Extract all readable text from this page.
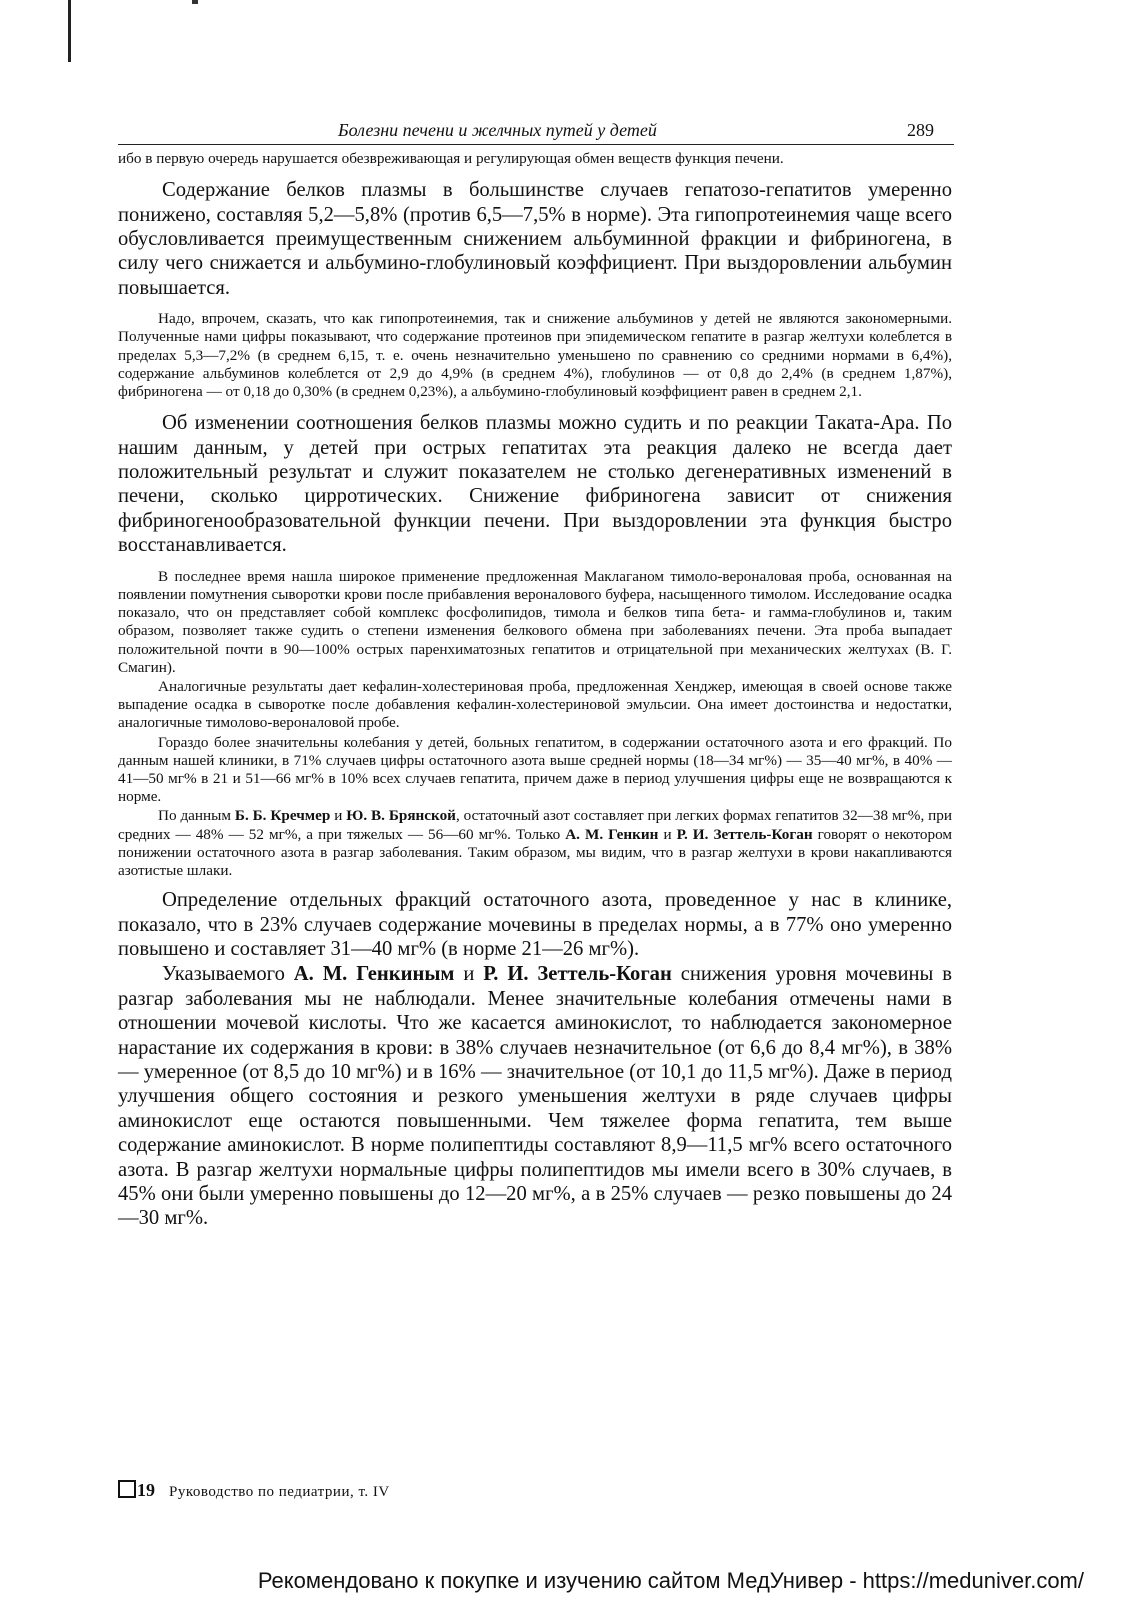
Болезни печени и желчных путей у детей	289

ибо в первую очередь нарушается обезвреживающая и регулирующая обмен веществ функция печени.

Содержание белков плазмы в большинстве случаев гепатозо-гепатитов умеренно понижено, составляя 5,2—5,8% (против 6,5—7,5% в норме). Эта гипопротеинемия чаще всего обусловливается преимущественным снижением альбуминной фракции и фибриногена, в силу чего снижается и альбумино-глобулиновый коэффициент. При выздоровлении альбумин повышается.

Надо, впрочем, сказать, что как гипопротеинемия, так и снижение альбуминов у детей не являются закономерными. Полученные нами цифры показывают, что содержание протеинов при эпидемическом гепатите в разгар желтухи колеблется в пределах 5,3—7,2% (в среднем 6,15, т. е. очень незначительно уменьшено по сравнению со средними нормами в 6,4%), содержание альбуминов колеблется от 2,9 до 4,9% (в среднем 4%), глобулинов — от 0,8 до 2,4% (в среднем 1,87%), фибриногена — от 0,18 до 0,30% (в среднем 0,23%), а альбумино-глобулиновый коэффициент равен в среднем 2,1.

Об изменении соотношения белков плазмы можно судить и по реакции Таката-Ара. По нашим данным, у детей при острых гепатитах эта реакция далеко не всегда дает положительный результат и служит показателем не столько дегенеративных изменений в печени, сколько цирротических. Снижение фибриногена зависит от снижения фибриногенообразовательной функции печени. При выздоровлении эта функция быстро восстанавливается.

В последнее время нашла широкое применение предложенная Маклаганом тимоло-вероналовая проба, основанная на появлении помутнения сыворотки крови после прибавления вероналового буфера, насыщенного тимолом. Исследование осадка показало, что он представляет собой комплекс фосфолипидов, тимола и белков типа бета- и гамма-глобулинов и, таким образом, позволяет также судить о степени изменения белкового обмена при заболеваниях печени. Эта проба выпадает положительной почти в 90—100% острых паренхиматозных гепатитов и отрицательной при механических желтухах (В. Г. Смагин).

Аналогичные результаты дает кефалин-холестериновая проба, предложенная Хенджер, имеющая в своей основе также выпадение осадка в сыворотке после добавления кефалин-холестериновой эмульсии. Она имеет достоинства и недостатки, аналогичные тимолово-вероналовой пробе.

Гораздо более значительны колебания у детей, больных гепатитом, в содержании остаточного азота и его фракций. По данным нашей клиники, в 71% случаев цифры остаточного азота выше средней нормы (18—34 мг%) — 35—40 мг%, в 40% — 41—50 мг% в 21 и 51—66 мг% в 10% всех случаев гепатита, причем даже в период улучшения цифры еще не возвращаются к норме.

По данным Б. Б. Кречмер и Ю. В. Брянской, остаточный азот составляет при легких формах гепатитов 32—38 мг%, при средних — 48% — 52 мг%, а при тяжелых — 56—60 мг%. Только А. М. Генкин и Р. И. Зеттель-Коган говорят о некотором понижении остаточного азота в разгар заболевания. Таким образом, мы видим, что в разгар желтухи в крови накапливаются азотистые шлаки.

Определение отдельных фракций остаточного азота, проведенное у нас в клинике, показало, что в 23% случаев содержание мочевины в пределах нормы, а в 77% оно умеренно повышено и составляет 31—40 мг% (в норме 21—26 мг%).

Указываемого А. М. Генкиным и Р. И. Зеттель-Коган снижения уровня мочевины в разгар заболевания мы не наблюдали. Менее значительные колебания отмечены нами в отношении мочевой кислоты. Что же касается аминокислот, то наблюдается закономерное нарастание их содержания в крови: в 38% случаев незначительное (от 6,6 до 8,4 мг%), в 38% — умеренное (от 8,5 до 10 мг%) и в 16% — значительное (от 10,1 до 11,5 мг%). Даже в период улучшения общего состояния и резкого уменьшения желтухи в ряде случаев цифры аминокислот еще остаются повышенными. Чем тяжелее форма гепатита, тем выше содержание аминокислот. В норме полипептиды составляют 8,9—11,5 мг% всего остаточного азота. В разгар желтухи нормальные цифры полипептидов мы имели всего в 30% случаев, в 45% они были умеренно повышены до 12—20 мг%, а в 25% случаев — резко повышены до 24—30 мг%.

19 Руководство по педиатрии, т. IV
Рекомендовано к покупке и изучению сайтом МедУнивер - https://meduniver.com/
